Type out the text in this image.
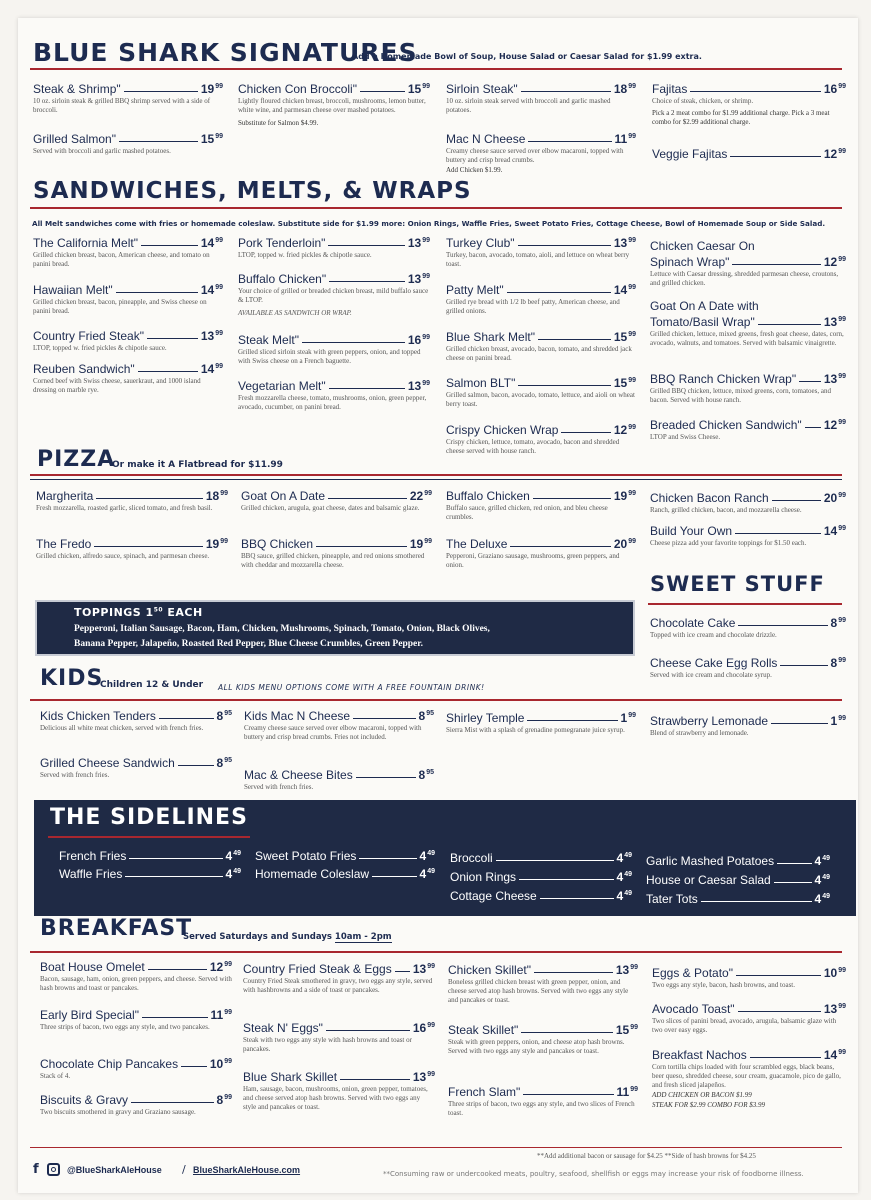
BLUE SHARK SIGNATURES
Add a Homemade Bowl of Soup, House Salad or Caesar Salad for $1.99 extra.
Steak & Shrimp"	$19^{99}$
10 oz. sirloin steak & grilled BBQ shrimp served with a side of broccoli.
Grilled Salmon"	$15^{99}$
Served with broccoli and garlic mashed potatoes.
Chicken Con Broccoli"	$15^{99}$
Lightly floured chicken breast, broccoli, mushrooms, lemon butter, white wine, and parmesan cheese over mashed potatoes.
Substitute for Salmon $4.99.
Sirloin Steak"	$18^{99}$
10 oz. sirloin steak served with broccoli and garlic mashed potatoes.
Mac N Cheese	$11^{99}$
Creamy cheese sauce served over elbow macaroni, topped with buttery and crisp bread crumbs.
Add Chicken $1.99.
Fajitas	$16^{99}$
Choice of steak, chicken, or shrimp.
Pick a 2 meat combo for $1.99 additional charge. Pick a 3 meat combo for $2.99 additional charge.
Veggie Fajitas	$12^{99}$
SANDWICHES, MELTS, & WRAPS
All Melt sandwiches come with fries or homemade coleslaw. Substitute side for $1.99 more: Onion Rings, Waffle Fries, Sweet Potato Fries, Cottage Cheese, Bowl of Homemade Soup or Side Salad.
The California Melt"	$14^{99}$
Grilled chicken breast, bacon, American cheese, and tomato on panini bread.
Hawaiian Melt"	$14^{99}$
Grilled chicken breast, bacon, pineapple, and Swiss cheese on panini bread.
Country Fried Steak"	$13^{99}$
LTOP, topped w. fried pickles & chipotle sauce.
Reuben Sandwich"	$14^{99}$
Corned beef with Swiss cheese, sauerkraut, and 1000 island dressing on marble rye.
Pork Tenderloin"	$13^{99}$
LTOP, topped w. fried pickles & chipotle sauce.
Buffalo Chicken"	$13^{99}$
Your choice of grilled or breaded chicken breast, mild buffalo sauce & LTOP.
AVAILABLE AS SANDWICH OR WRAP.
Steak Melt"	$16^{99}$
Grilled sliced sirloin steak with green peppers, onion, and topped with Swiss cheese on a French baguette.
Vegetarian Melt"	$13^{99}$
Fresh mozzarella cheese, tomato, mushrooms, onion, green pepper, avocado, cucumber, on panini bread.
Turkey Club"	$13^{99}$
Turkey, bacon, avocado, tomato, aioli, and lettuce on wheat berry toast.
Patty Melt"	$14^{99}$
Grilled rye bread with 1/2 lb beef patty, American cheese, and grilled onions.
Blue Shark Melt"	$15^{99}$
Grilled chicken breast, avocado, bacon, tomato, and shredded jack cheese on panini bread.
Salmon BLT"	$15^{99}$
Grilled salmon, bacon, avocado, tomato, lettuce, and aioli on wheat berry toast.
Crispy Chicken Wrap	$12^{99}$
Crispy chicken, lettuce, tomato, avocado, bacon and shredded cheese served with house ranch.
Chicken Caesar On
Spinach Wrap"	$12^{99}$
Lettuce with Caesar dressing, shredded parmesan cheese, croutons, and grilled chicken.
Goat On A Date with
Tomato/Basil Wrap"	$13^{99}$
Grilled chicken, lettuce, mixed greens, fresh goat cheese, dates, corn, avocado, walnuts, and tomatoes. Served with balsamic vinaigrette.
BBQ Ranch Chicken Wrap" $13^{99}$
Grilled BBQ chicken, lettuce, mixed greens, corn, tomatoes, and bacon. Served with house ranch.
Breaded Chicken Sandwich" $12^{99}$
LTOP and Swiss Cheese.
PIZZA
Or make it A Flatbread for $11.99
Margherita	$18^{99}$
Fresh mozzarella, roasted garlic, sliced tomato, and fresh basil.
The Fredo	$19^{99}$
Grilled chicken, alfredo sauce, spinach, and parmesan cheese.
Goat On A Date	$22^{99}$
Grilled chicken, arugula, goat cheese, dates and balsamic glaze.
BBQ Chicken	$19^{99}$
BBQ sauce, grilled chicken, pineapple, and red onions smothered with cheddar and mozzarella cheese.
Buffalo Chicken	$19^{99}$
Buffalo sauce, grilled chicken, red onion, and bleu cheese crumbles.
The Deluxe	$20^{99}$
Pepperoni, Graziano sausage, mushrooms, green peppers, and onion.
Chicken Bacon Ranch	$20^{99}$
Ranch, grilled chicken, bacon, and mozzarella cheese.
Build Your Own	$14^{99}$
Cheese pizza add your favorite toppings for $1.50 each.
TOPPINGS $1^{50}$ EACH
Pepperoni, Italian Sausage, Bacon, Ham, Chicken, Mushrooms, Spinach, Tomato, Onion, Black Olives,
Banana Pepper, Jalapeño, Roasted Red Pepper, Blue Cheese Crumbles, Green Pepper.
SWEET STUFF
Chocolate Cake	$8^{99}$
Topped with ice cream and chocolate drizzle.
Cheese Cake Egg Rolls	$8^{99}$
Served with ice cream and chocolate syrup.
KIDS
Children 12 & Under ALL KIDS MENU OPTIONS COME WITH A FREE FOUNTAIN DRINK!
Kids Chicken Tenders	$8^{95}$
Delicious all white meat chicken, served with french fries.
Grilled Cheese Sandwich	$8^{95}$
Served with french fries.
Kids Mac N Cheese	$8^{95}$
Creamy cheese sauce served over elbow macaroni, topped with buttery and crisp bread crumbs. Fries not included.
Mac & Cheese Bites	$8^{95}$
Served with french fries.
Shirley Temple	$1^{99}$
Sierra Mist with a splash of grenadine pomegranate juice syrup.
Strawberry Lemonade	$1^{99}$
Blend of strawberry and lemonade.
THE SIDELINES
French Fries	$4^{49}$
Waffle Fries	$4^{49}$
Sweet Potato Fries	$4^{49}$
Homemade Coleslaw	$4^{49}$
Broccoli	$4^{49}$
Onion Rings	$4^{49}$
Cottage Cheese	$4^{49}$
Garlic Mashed Potatoes	$4^{49}$
House or Caesar Salad	$4^{49}$
Tater Tots	$4^{49}$
BREAKFAST
Served Saturdays and Sundays 10am - 2pm
Boat House Omelet	$12^{99}$
Bacon, sausage, ham, onion, green peppers, and cheese. Served with hash browns and toast or pancakes.
Early Bird Special"	$11^{99}$
Three strips of bacon, two eggs any style, and two pancakes.
Chocolate Chip Pancakes	$10^{99}$
Stack of 4.
Biscuits & Gravy	$8^{99}$
Two biscuits smothered in gravy and Graziano sausage.
Country Fried Steak & Eggs $13^{99}$
Country Fried Steak smothered in gravy, two eggs any style, served with hashbrowns and a side of toast or pancakes.
Steak N' Eggs"	$16^{99}$
Steak with two eggs any style with hash browns and toast or pancakes.
Blue Shark Skillet	$13^{99}$
Ham, sausage, bacon, mushrooms, onion, green pepper, tomatoes, and cheese served atop hash browns. Served with two eggs any style and pancakes or toast.
Chicken Skillet"	$13^{99}$
Boneless grilled chicken breast with green pepper, onion, and cheese served atop hash browns. Served with two eggs any style and pancakes or toast.
Steak Skillet"	$15^{99}$
Steak with green peppers, onion, and cheese atop hash browns. Served with two eggs any style and pancakes or toast.
French Slam"	$11^{99}$
Three strips of bacon, two eggs any style, and two slices of French toast.
Eggs & Potato"	$10^{99}$
Two eggs any style, bacon, hash browns, and toast.
Avocado Toast"	$13^{99}$
Two slices of panini bread, avocado, arugula, balsamic glaze with two over easy eggs.
Breakfast Nachos	$14^{99}$
Corn tortilla chips loaded with four scrambled eggs, black beans, beer queso, shredded cheese, sour cream, guacamole, pico de gallo, and fresh sliced jalapeños.
ADD CHICKEN OR BACON $1.99
STEAK FOR $2.99 COMBO FOR $3.99
**Add additional bacon or sausage for $4.25 **Side of hash browns for $4.25
f	@BlueSharkAleHouse / BlueSharkAleHouse.com	**Consuming raw or undercooked meats, poultry, seafood, shellfish or eggs may increase your risk of foodborne illness.
